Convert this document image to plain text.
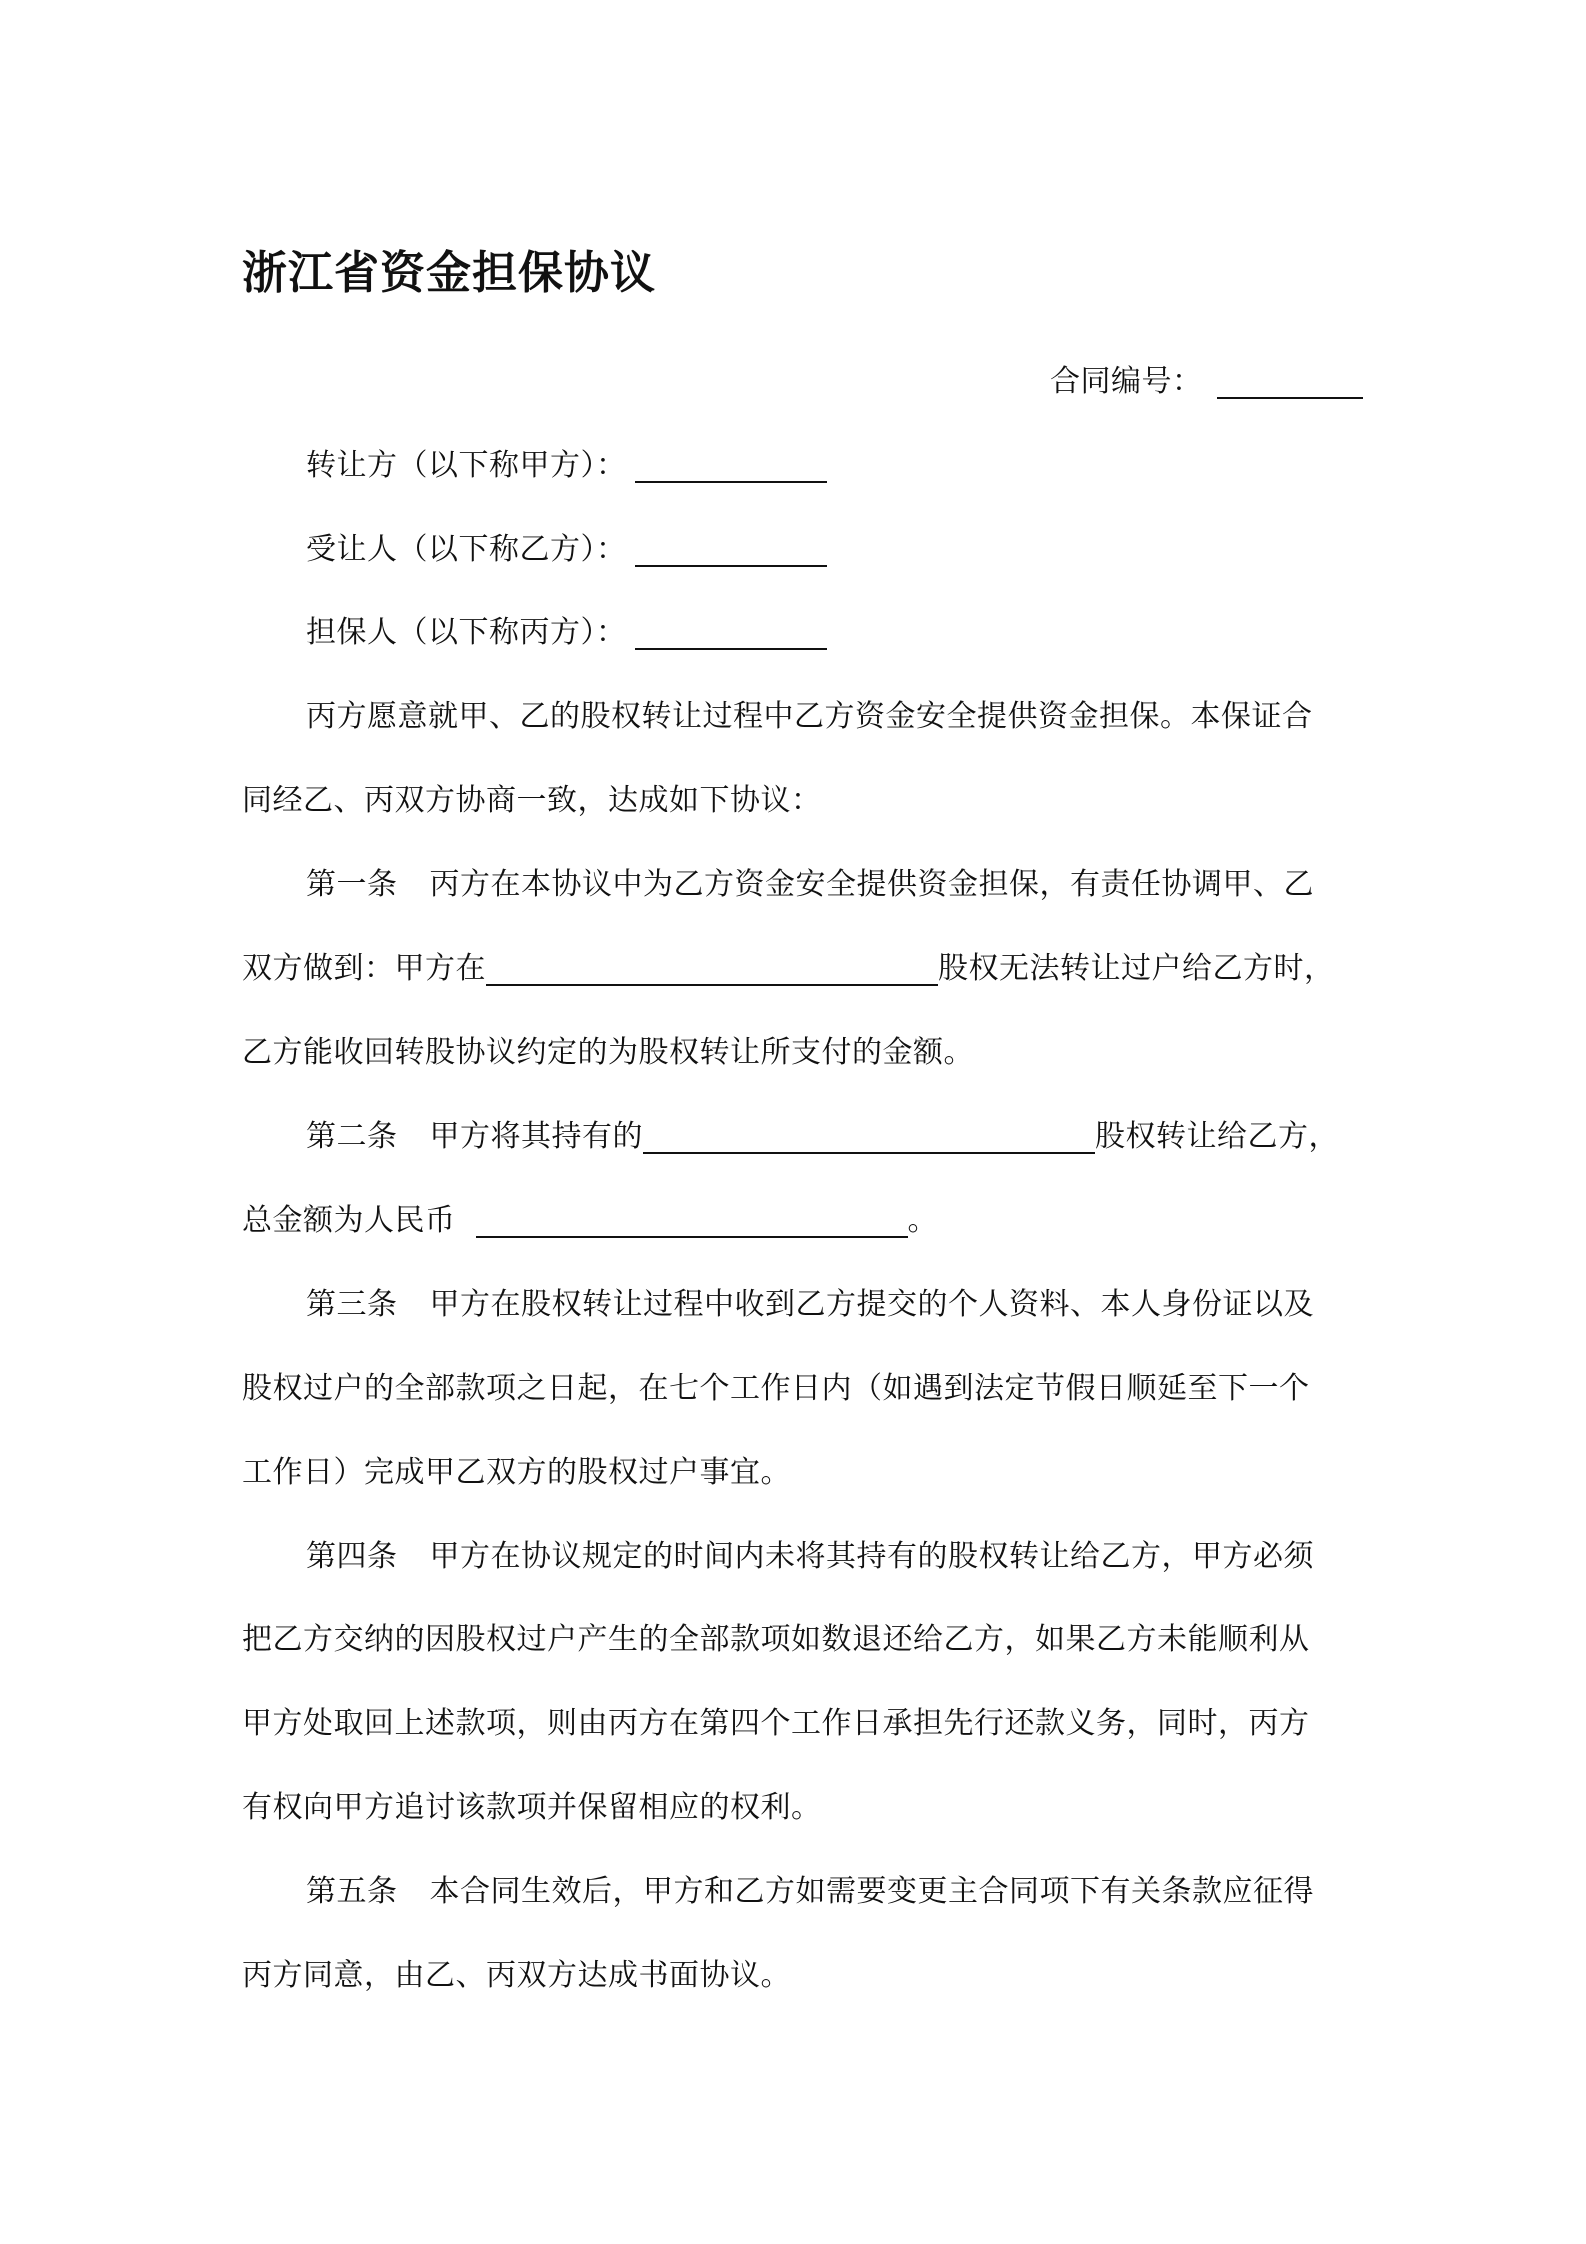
浙江省资金担保协议
合同编号：
转让方（以下称甲方）：
受让人（以下称乙方）：
担保人（以下称丙方）：
丙方愿意就甲、乙的股权转让过程中乙方资金安全提供资金担保。本保证合
同经乙、丙双方协商一致，达成如下协议：
第一条 丙方在本协议中为乙方资金安全提供资金担保，有责任协调甲、乙
双方做到：甲方在	股权无法转让过户给乙方时，
乙方能收回转股协议约定的为股权转让所支付的金额。
第二条 甲方将其持有的	股权转让给乙方，
总金额为人民币	。
第三条 甲方在股权转让过程中收到乙方提交的个人资料、本人身份证以及
股权过户的全部款项之日起，在七个工作日内（如遇到法定节假日顺延至下一个
工作日）完成甲乙双方的股权过户事宜。
第四条 甲方在协议规定的时间内未将其持有的股权转让给乙方，甲方必须
把乙方交纳的因股权过户产生的全部款项如数退还给乙方，如果乙方未能顺利从
甲方处取回上述款项，则由丙方在第四个工作日承担先行还款义务，同时，丙方
有权向甲方追讨该款项并保留相应的权利。
第五条 本合同生效后，甲方和乙方如需要变更主合同项下有关条款应征得
丙方同意，由乙、丙双方达成书面协议。
